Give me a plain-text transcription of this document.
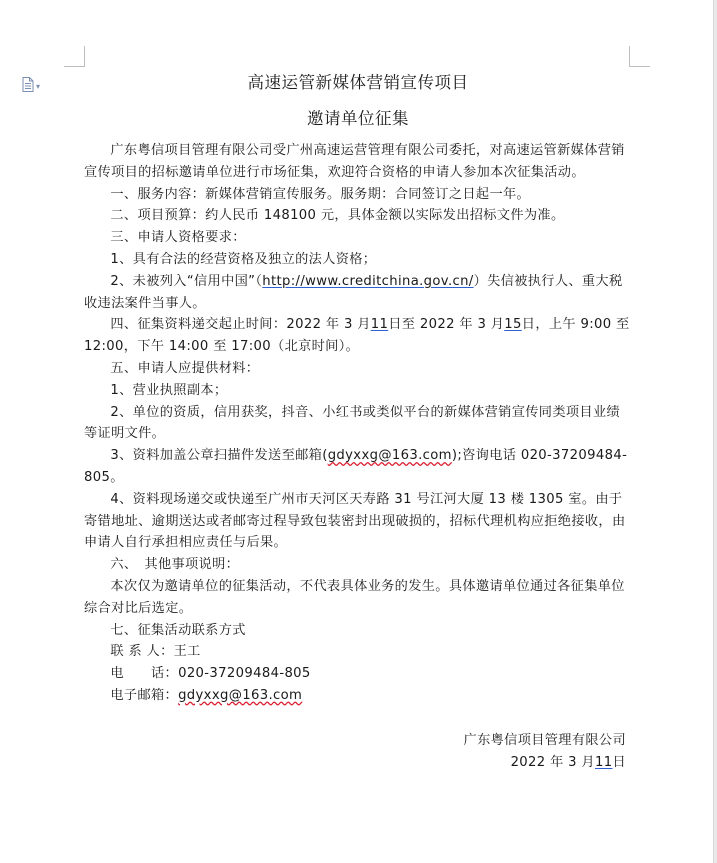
▾	高速运管新媒体营销宣传项目

邀请单位征集

广东粤信项目管理有限公司受广州高速运营管理有限公司委托，对高速运管新媒体营销宣传项目的招标邀请单位进行市场征集，欢迎符合资格的申请人参加本次征集活动。

一、服务内容：新媒体营销宣传服务。服务期：合同签订之日起一年。

二、项目预算：约人民币 148100 元，具体金额以实际发出招标文件为准。

三、申请人资格要求：

1、具有合法的经营资格及独立的法人资格；

2、未被列入“信用中国”（http://www.creditchina.gov.cn/）失信被执行人、重大税收违法案件当事人。

四、征集资料递交起止时间：2022 年 3 月11日至 2022 年 3 月15日，上午 9:00 至 12:00，下午 14:00 至 17:00（北京时间）。

五、申请人应提供材料：

1、营业执照副本；

2、单位的资质，信用获奖，抖音、小红书或类似平台的新媒体营销宣传同类项目业绩等证明文件。

3、资料加盖公章扫描件发送至邮箱(gdyxxg@163.com);咨询电话 020-37209484-805。

4、资料现场递交或快递至广州市天河区天寿路 31 号江河大厦 13 楼 1305 室。由于寄错地址、逾期送达或者邮寄过程导致包装密封出现破损的，招标代理机构应拒绝接收，由申请人自行承担相应责任与后果。

六、　其他事项说明：

本次仅为邀请单位的征集活动，不代表具体业务的发生。具体邀请单位通过各征集单位综合对比后选定。

七、征集活动联系方式

联 系 人：王工

电　　话：020-37209484-805

电子邮箱：gdyxxg@163.com

广东粤信项目管理有限公司

2022 年 3 月11日
